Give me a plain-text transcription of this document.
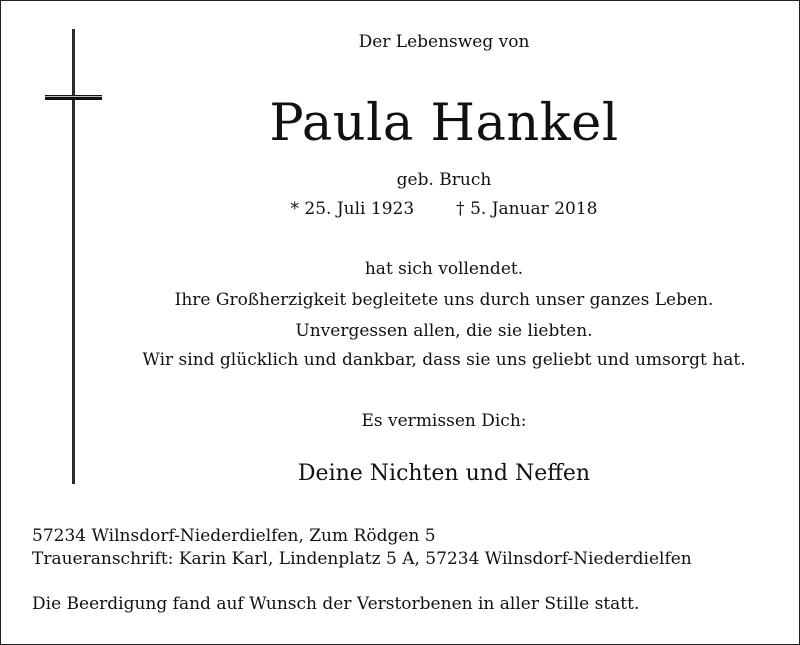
Der Lebensweg von
Paula Hankel
geb. Bruch
* 25. Juli 1923 † 5. Januar 2018
hat sich vollendet.
Ihre Großherzigkeit begleitete uns durch unser ganzes Leben.
Unvergessen allen, die sie liebten.
Wir sind glücklich und dankbar, dass sie uns geliebt und umsorgt hat.
Es vermissen Dich:
Deine Nichten und Neffen
57234 Wilnsdorf-Niederdielfen, Zum Rödgen 5
Traueranschrift: Karin Karl, Lindenplatz 5 A, 57234 Wilnsdorf-Niederdielfen
Die Beerdigung fand auf Wunsch der Verstorbenen in aller Stille statt.
